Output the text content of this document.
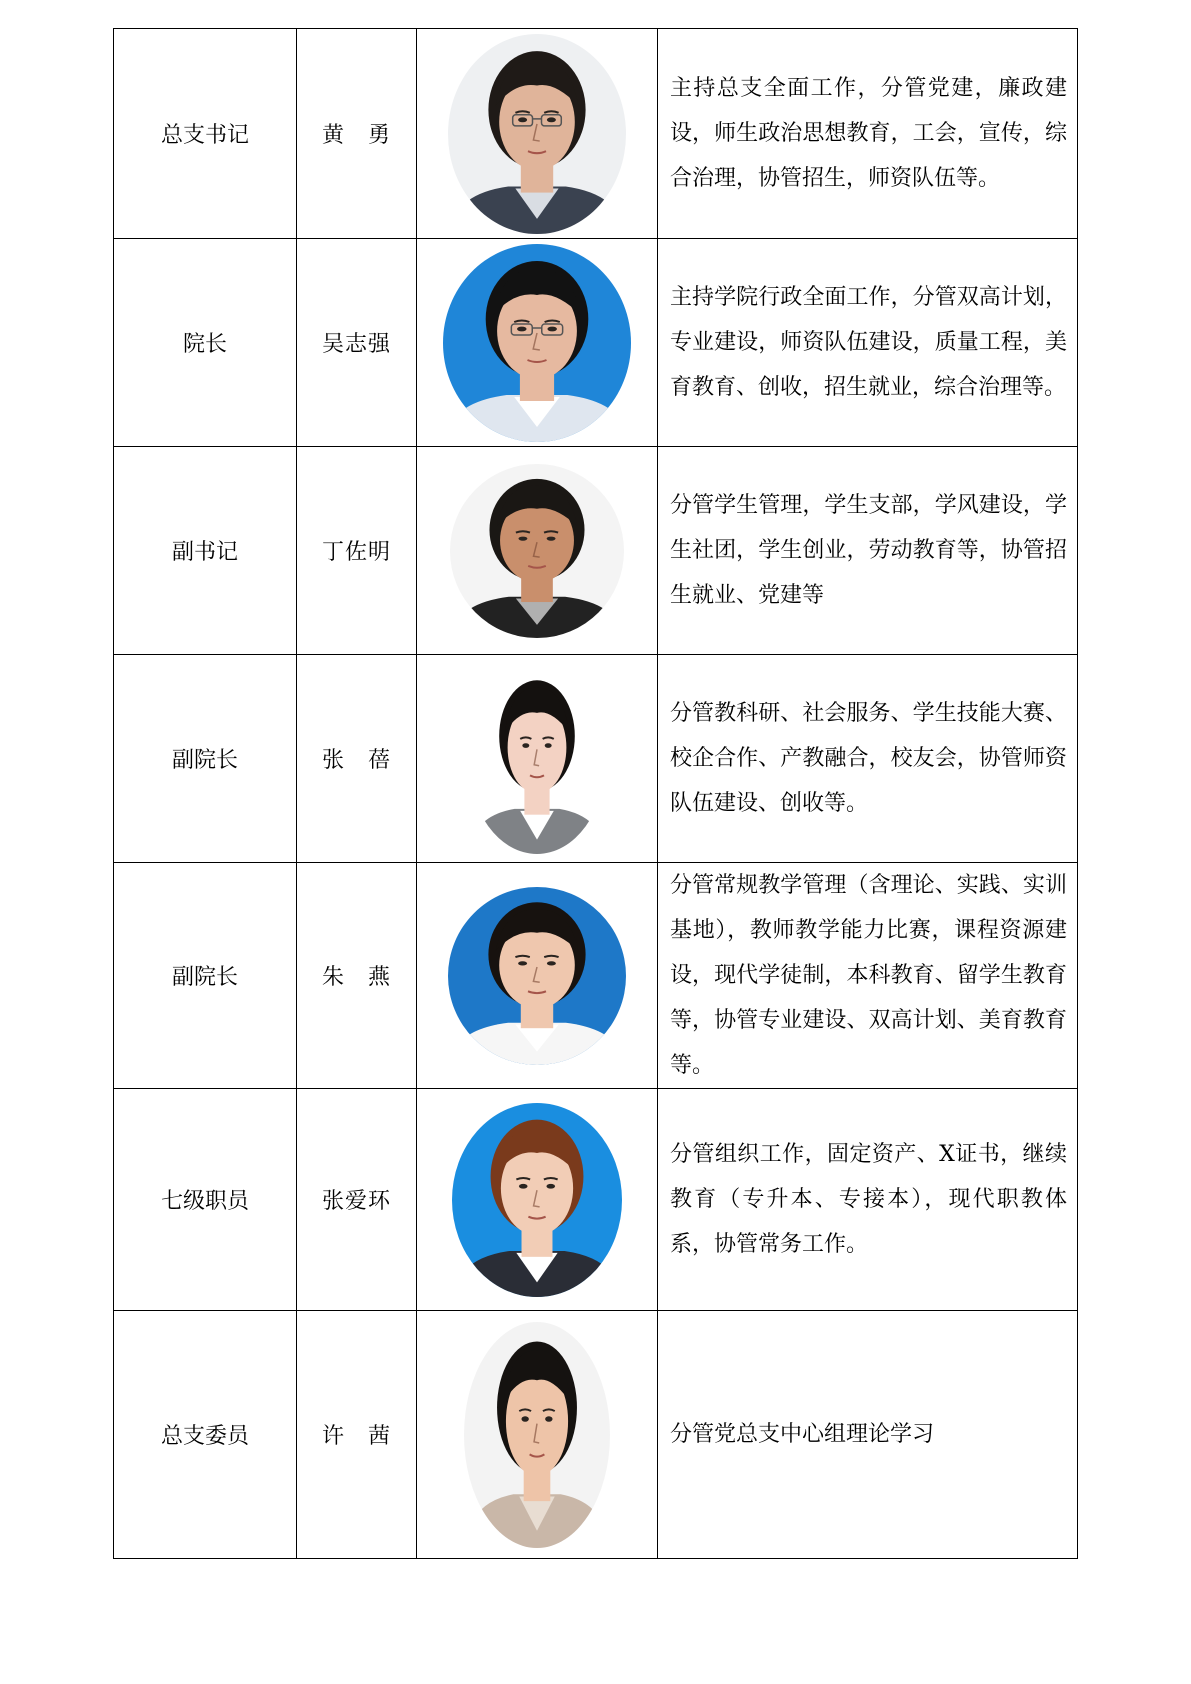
总支书记	黄　勇		主持总支全面工作，分管党建，廉政建设，师生政治思想教育，工会，宣传，综合治理，协管招生，师资队伍等。
院长	吴志强		主持学院行政全面工作，分管双高计划，专业建设，师资队伍建设，质量工程，美育教育、创收，招生就业，综合治理等。
副书记	丁佐明		分管学生管理，学生支部，学风建设，学生社团，学生创业，劳动教育等，协管招生就业、党建等
副院长	张　蓓		分管教科研、社会服务、学生技能大赛、校企合作、产教融合，校友会，协管师资队伍建设、创收等。
副院长	朱　燕		分管常规教学管理（含理论、实践、实训基地），教师教学能力比赛，课程资源建设，现代学徒制，本科教育、留学生教育等，协管专业建设、双高计划、美育教育等。
七级职员	张爱环		分管组织工作，固定资产、X证书，继续教育（专升本、专接本），现代职教体系，协管常务工作。
总支委员	许　茜		分管党总支中心组理论学习
